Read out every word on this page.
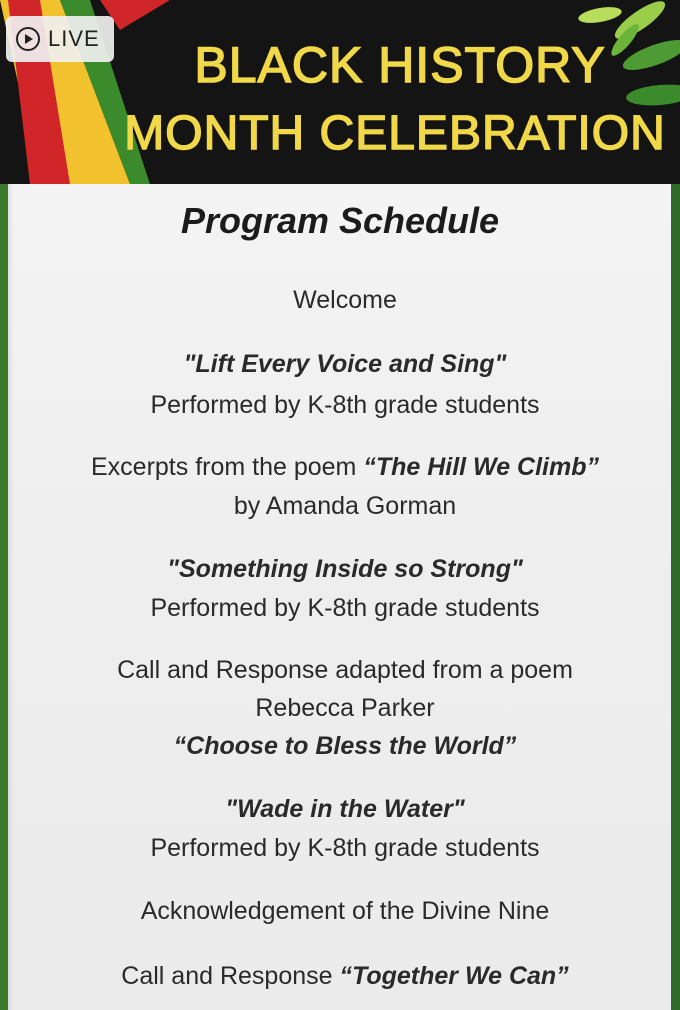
BLACK HISTORY
MONTH CELEBRATION
LIVE
Program Schedule
Welcome
"Lift Every Voice and Sing"
Performed by K-8th grade students
Excerpts from the poem “The Hill We Climb”
by Amanda Gorman
"Something Inside so Strong"
Performed by K-8th grade students
Call and Response adapted from a poem
Rebecca Parker
“Choose to Bless the World”
"Wade in the Water"
Performed by K-8th grade students
Acknowledgement of the Divine Nine
Call and Response “Together We Can”
